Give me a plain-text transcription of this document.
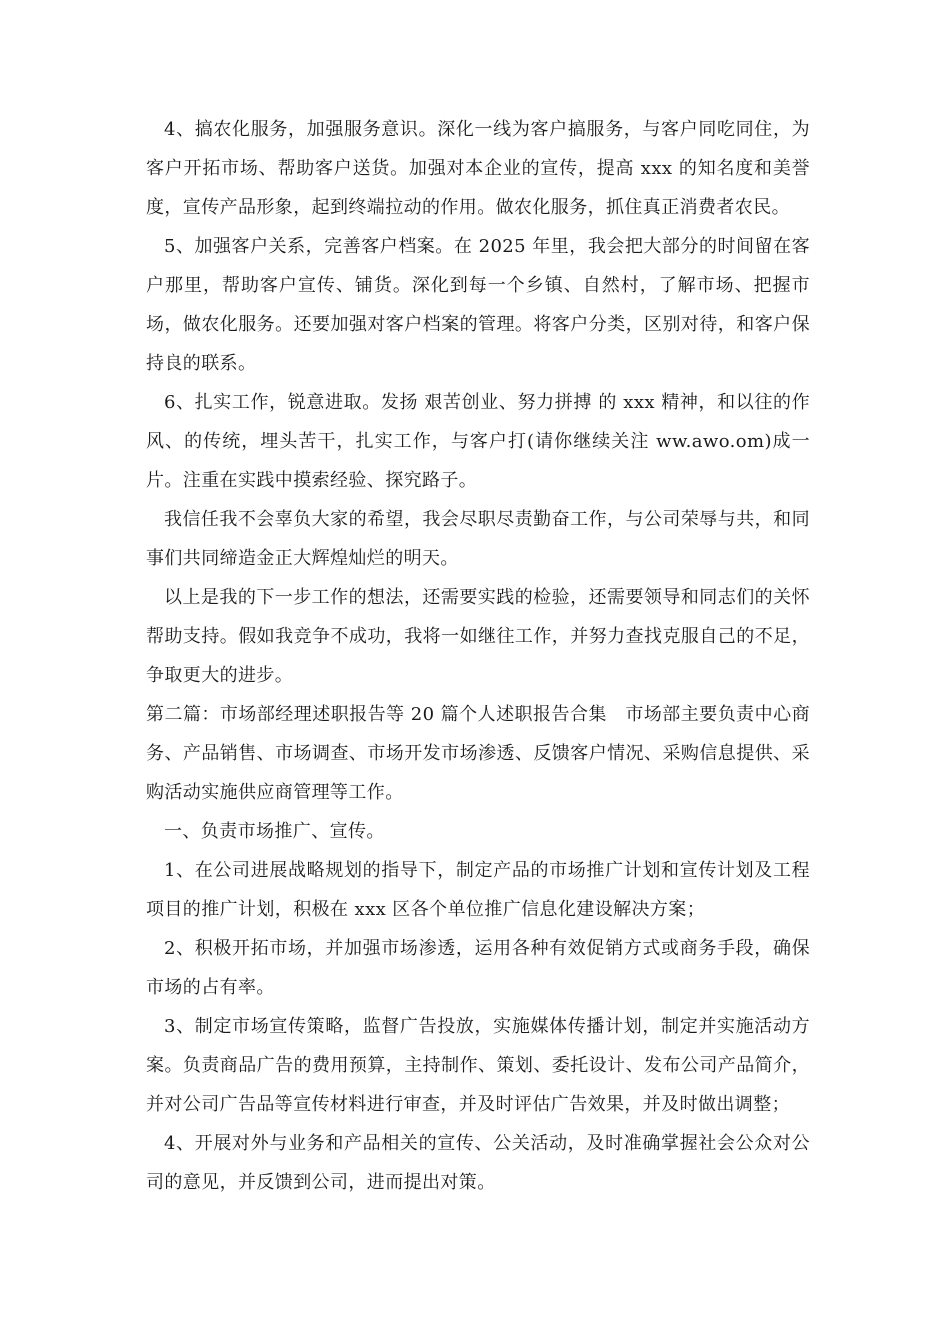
4、搞农化服务，加强服务意识。深化一线为客户搞服务，与客户同吃同住，为客户开拓市场、帮助客户送货。加强对本企业的宣传，提高 xxx 的知名度和美誉度，宣传产品形象，起到终端拉动的作用。做农化服务，抓住真正消费者农民。

5、加强客户关系，完善客户档案。在 2025 年里，我会把大部分的时间留在客户那里，帮助客户宣传、铺货。深化到每一个乡镇、自然村，了解市场、把握市场，做农化服务。还要加强对客户档案的管理。将客户分类，区别对待，和客户保持良的联系。

6、扎实工作，锐意进取。发扬 艰苦创业、努力拼搏 的 xxx 精神，和以往的作风、的传统，埋头苦干，扎实工作，与客户打(请你继续关注 ww.awo.om)成一片。注重在实践中摸索经验、探究路子。

我信任我不会辜负大家的希望，我会尽职尽责勤奋工作，与公司荣辱与共，和同事们共同缔造金正大辉煌灿烂的明天。

以上是我的下一步工作的想法，还需要实践的检验，还需要领导和同志们的关怀帮助支持。假如我竞争不成功，我将一如继往工作，并努力查找克服自己的不足，争取更大的进步。

第二篇：市场部经理述职报告等 20 篇个人述职报告合集　市场部主要负责中心商务、产品销售、市场调查、市场开发市场渗透、反馈客户情况、采购信息提供、采购活动实施供应商管理等工作。

一、负责市场推广、宣传。

1、在公司进展战略规划的指导下，制定产品的市场推广计划和宣传计划及工程项目的推广计划，积极在 xxx 区各个单位推广信息化建设解决方案；

2、积极开拓市场，并加强市场渗透，运用各种有效促销方式或商务手段，确保市场的占有率。

3、制定市场宣传策略，监督广告投放，实施媒体传播计划，制定并实施活动方案。负责商品广告的费用预算，主持制作、策划、委托设计、发布公司产品简介，并对公司广告品等宣传材料进行审查，并及时评估广告效果，并及时做出调整；

4、开展对外与业务和产品相关的宣传、公关活动，及时准确掌握社会公众对公司的意见，并反馈到公司，进而提出对策。
